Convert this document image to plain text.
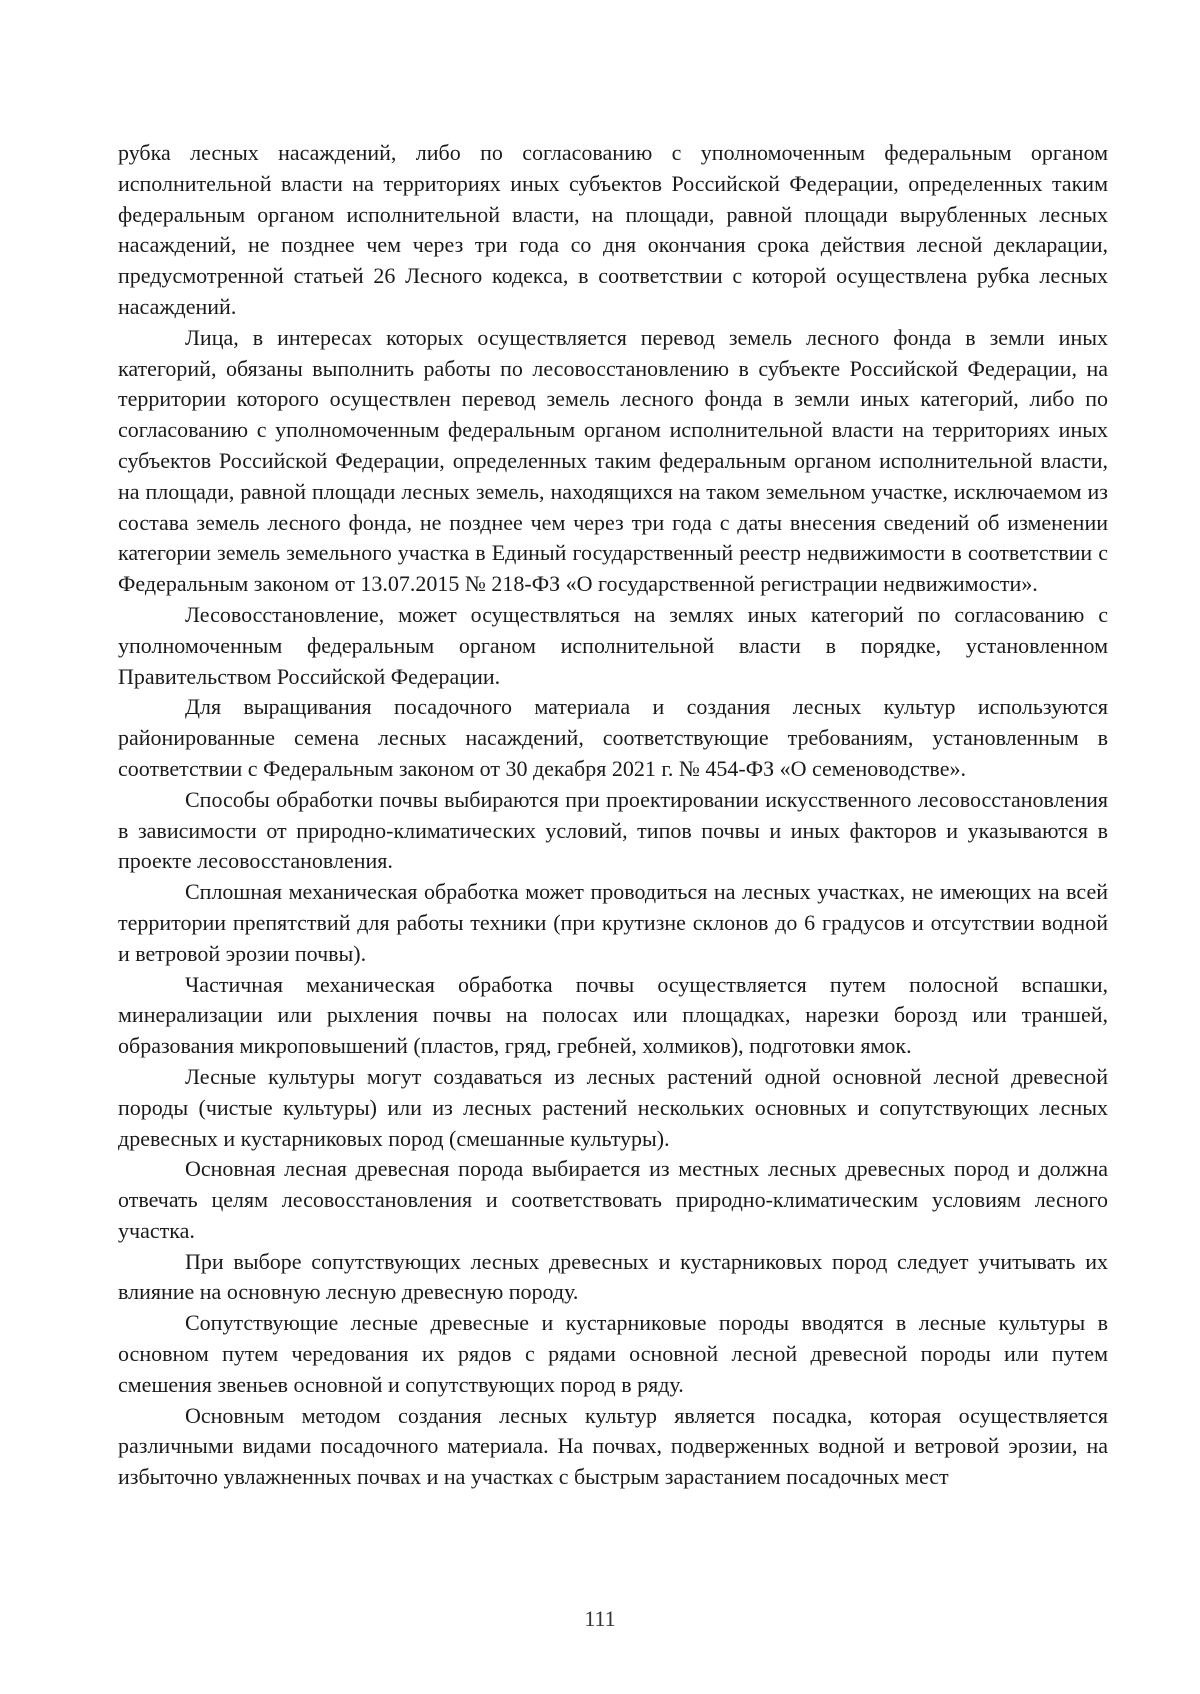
рубка лесных насаждений, либо по согласованию с уполномоченным федеральным органом исполнительной власти на территориях иных субъектов Российской Федерации, определенных таким федеральным органом исполнительной власти, на площади, равной площади вырубленных лесных насаждений, не позднее чем через три года со дня окончания срока действия лесной декларации, предусмотренной статьей 26 Лесного кодекса, в соответствии с которой осуществлена рубка лесных насаждений.

Лица, в интересах которых осуществляется перевод земель лесного фонда в земли иных категорий, обязаны выполнить работы по лесовосстановлению в субъекте Российской Федерации, на территории которого осуществлен перевод земель лесного фонда в земли иных категорий, либо по согласованию с уполномоченным федеральным органом исполнительной власти на территориях иных субъектов Российской Федерации, определенных таким федеральным органом исполнительной власти, на площади, равной площади лесных земель, находящихся на таком земельном участке, исключаемом из состава земель лесного фонда, не позднее чем через три года с даты внесения сведений об изменении категории земель земельного участка в Единый государственный реестр недвижимости в соответствии с Федеральным законом от 13.07.2015 № 218-ФЗ «О государственной регистрации недвижимости».

Лесовосстановление, может осуществляться на землях иных категорий по согласованию с уполномоченным федеральным органом исполнительной власти в порядке, установленном Правительством Российской Федерации.

Для выращивания посадочного материала и создания лесных культур используются районированные семена лесных насаждений, соответствующие требованиям, установленным в соответствии с Федеральным законом от 30 декабря 2021 г. № 454-ФЗ «О семеноводстве».

Способы обработки почвы выбираются при проектировании искусственного лесовосстановления в зависимости от природно-климатических условий, типов почвы и иных факторов и указываются в проекте лесовосстановления.

Сплошная механическая обработка может проводиться на лесных участках, не имеющих на всей территории препятствий для работы техники (при крутизне склонов до 6 градусов и отсутствии водной и ветровой эрозии почвы).

Частичная механическая обработка почвы осуществляется путем полосной вспашки, минерализации или рыхления почвы на полосах или площадках, нарезки борозд или траншей, образования микроповышений (пластов, гряд, гребней, холмиков), подготовки ямок.

Лесные культуры могут создаваться из лесных растений одной основной лесной древесной породы (чистые культуры) или из лесных растений нескольких основных и сопутствующих лесных древесных и кустарниковых пород (смешанные культуры).

Основная лесная древесная порода выбирается из местных лесных древесных пород и должна отвечать целям лесовосстановления и соответствовать природно-климатическим условиям лесного участка.

При выборе сопутствующих лесных древесных и кустарниковых пород следует учитывать их влияние на основную лесную древесную породу.

Сопутствующие лесные древесные и кустарниковые породы вводятся в лесные культуры в основном путем чередования их рядов с рядами основной лесной древесной породы или путем смешения звеньев основной и сопутствующих пород в ряду.

Основным методом создания лесных культур является посадка, которая осуществляется различными видами посадочного материала. На почвах, подверженных водной и ветровой эрозии, на избыточно увлажненных почвах и на участках с быстрым зарастанием посадочных мест

111
